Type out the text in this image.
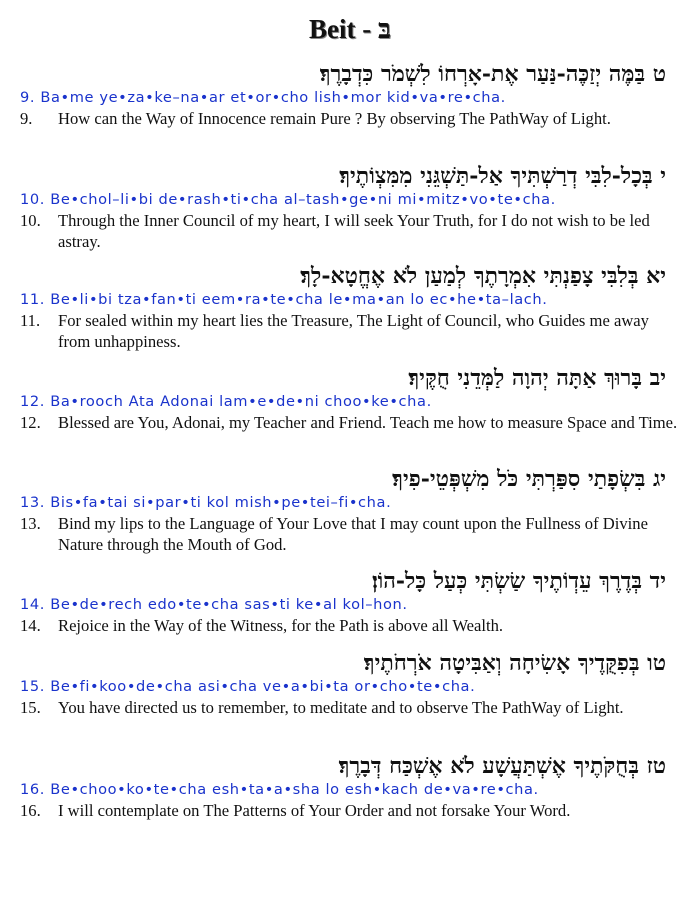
Beit - בּ
ט בַּמֶּה יְזַכֶּה-נַּעַר אֶת-אָרְחוֹ לִשְׁמֹר כִּדְבָרֶךָ׃
9. Ba•me ye•za•ke–na•ar et•or•cho lish•mor kid•va•re•cha.
9.	How can the Way of Innocence remain Pure ? By observing The PathWay of Light.
י בְּכָל-לִבִּי דְרַשְׁתִּיךָ אַל-תַּשְׁגֵּנִי מִמִּצְוֹתֶיךָ׃
10. Be•chol–li•bi de•rash•ti•cha al–tash•ge•ni mi•mitz•vo•te•cha.
10.	Through the Inner Council of my heart, I will seek Your Truth, for I do not wish to be led astray.
יא בְּלִבִּי צָפַנְתִּי אִמְרָתֶךָ לְמַעַן לֹא אֶחֱטָא-לָךְ׃
11. Be•li•bi tza•fan•ti eem•ra•te•cha le•ma•an lo ec•he•ta–lach.
11.	For sealed within my heart lies the Treasure, The Light of Council, who Guides me away from unhappiness.
יב בָּרוּךְ אַתָּה יְהוָה לַמְּדֵנִי חֻקֶּיךָ׃
12. Ba•rooch Ata Adonai lam•e•de•ni choo•ke•cha.
12.	Blessed are You, Adonai, my Teacher and Friend. Teach me how to measure Space and Time.
יג בִּשְׂפָתַי סִפַּרְתִּי כֹּל מִשְׁפְּטֵי-פִיךָ׃
13. Bis•fa•tai si•par•ti kol mish•pe•tei–fi•cha.
13.	Bind my lips to the Language of Your Love that I may count upon the Fullness of Divine Nature through the Mouth of God.
יד בְּדֶרֶךְ עֵדְוֹתֶיךָ שַׂשְׂתִּי כְּעַל כָּל-הוֹן׃
14. Be•de•rech edo•te•cha sas•ti ke•al kol–hon.
14.	Rejoice in the Way of the Witness, for the Path is above all Wealth.
טו בְּפִקֻּדֶיךָ אָשִׂיחָה וְאַבִּיטָה אֹרְחֹתֶיךָ׃
15. Be•fi•koo•de•cha asi•cha ve•a•bi•ta or•cho•te•cha.
15.	You have directed us to remember, to meditate and to observe The PathWay of Light.
טז בְּחֻקֹּתֶיךָ אֶשְׁתַּעֲשָׁע לֹא אֶשְׁכַּח דְּבָרֶךָ׃
16. Be•choo•ko•te•cha esh•ta•a•sha lo esh•kach de•va•re•cha.
16.	I will contemplate on The Patterns of Your Order and not forsake Your Word.
